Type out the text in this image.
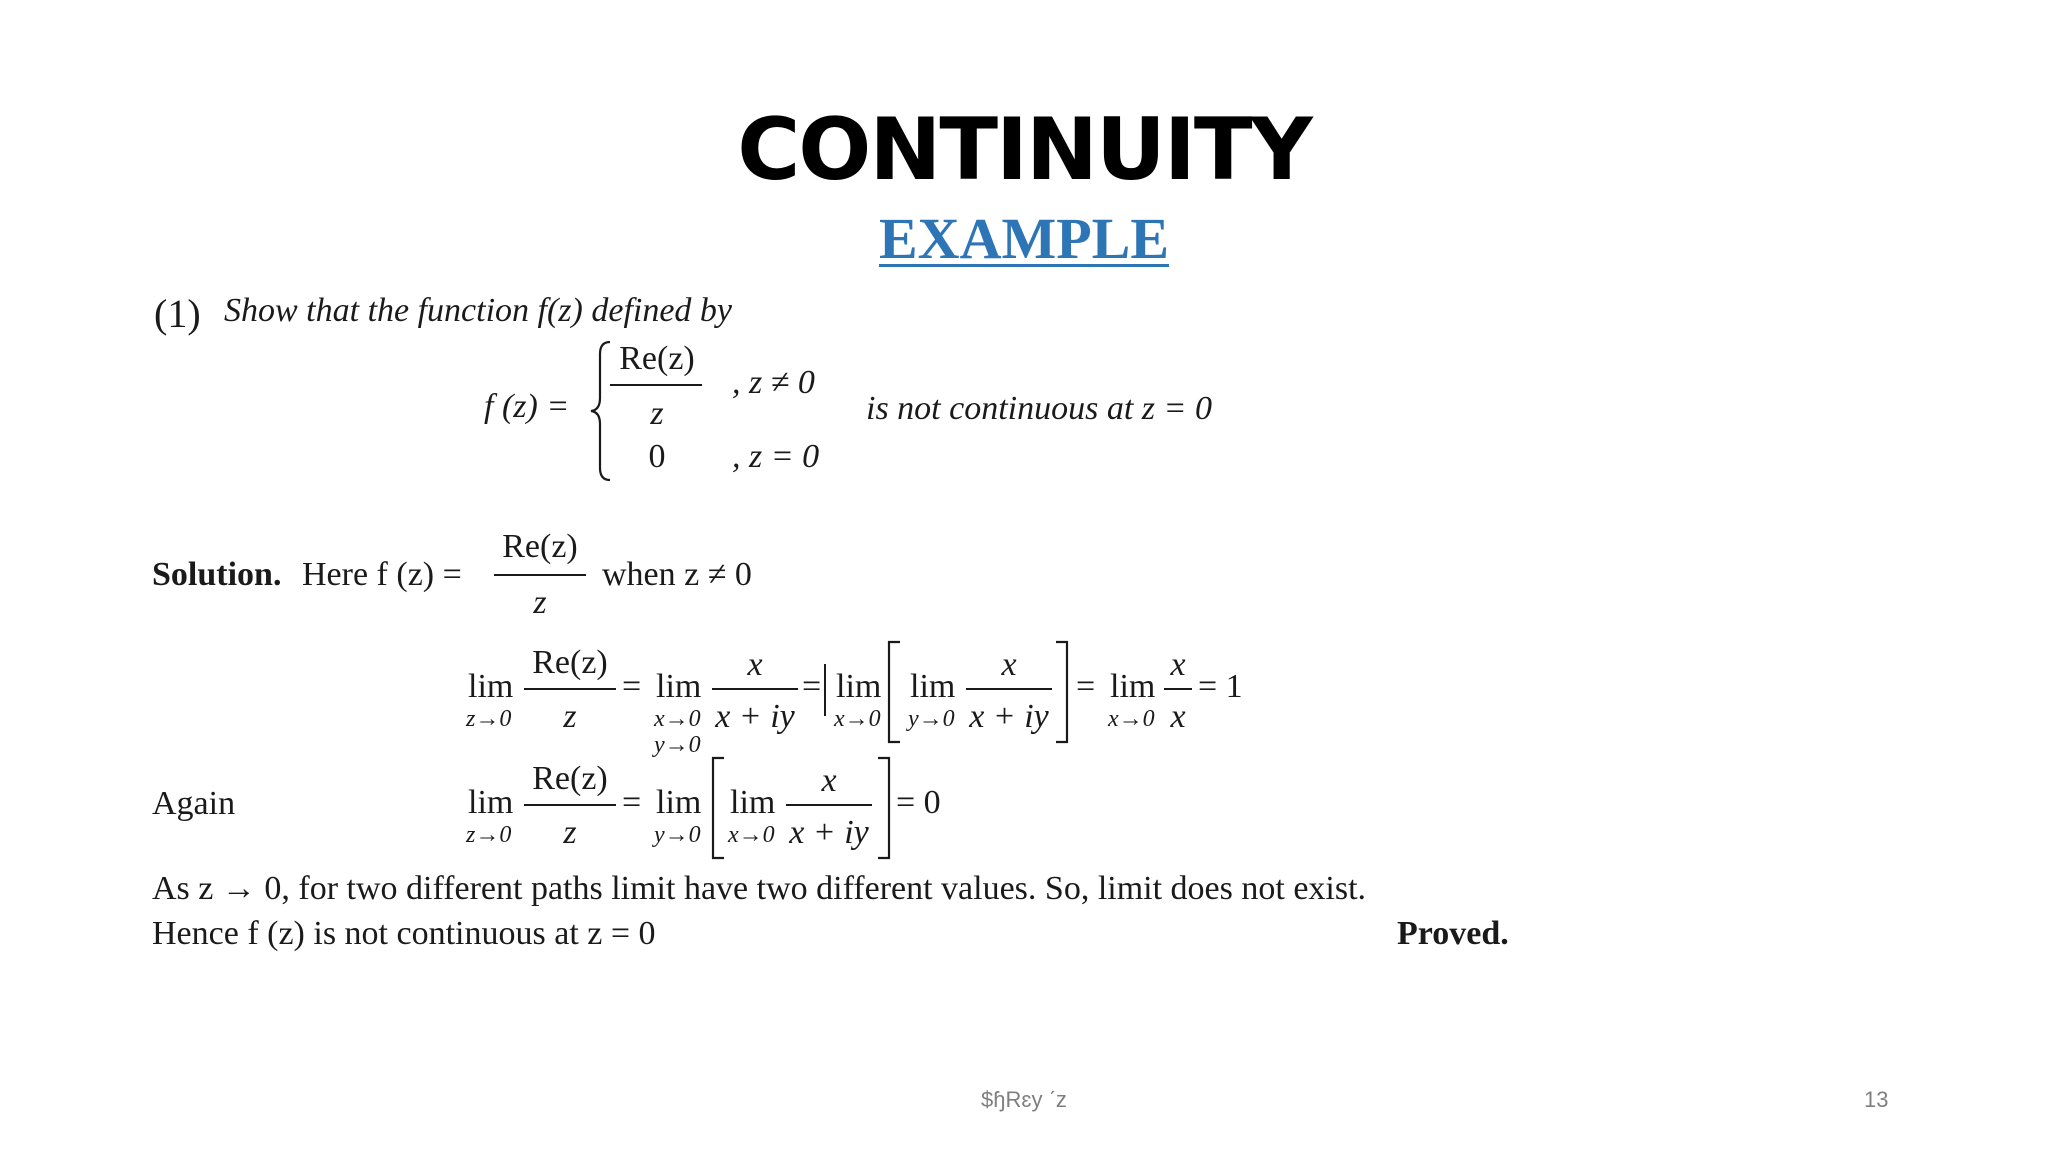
CONTINUITY
EXAMPLE
(1) Show that the function f(z) defined by
f (z) =
Re(z)
z
, z ≠ 0
0	, z = 0
is not continuous at z = 0
Solution. Here f (z) =
Re(z)
z
when z ≠ 0
lim
z→0
Re(z)
z
= lim
x→0
y→0
x
x + iy
= lim
x→0
lim
y→0
x
x + iy
= lim
x→0
x
x
= 1
Again	lim
z→0
Re(z)
z
= lim
y→0
lim
x→0
x
x + iy
= 0
As z → 0, for two different paths limit have two different values. So, limit does not exist.
Hence f (z) is not continuous at z = 0	Proved.
$ɧRɛy ˊz	13
